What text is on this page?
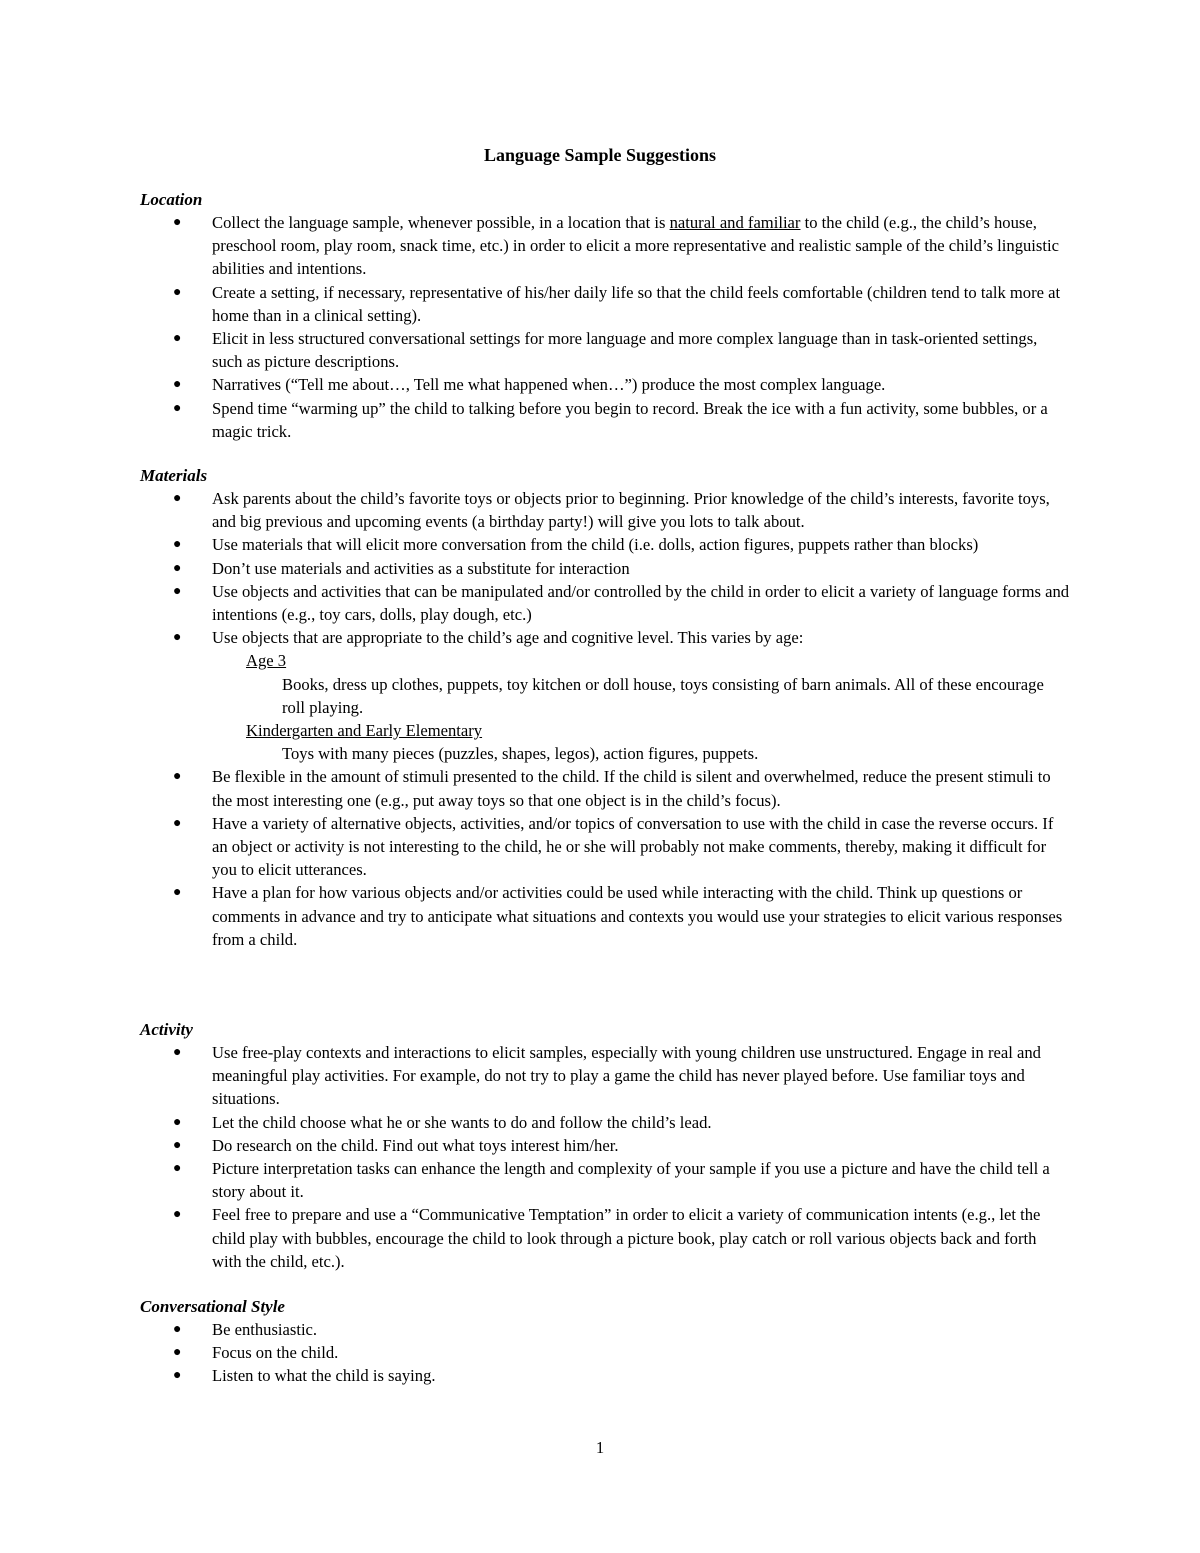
Language Sample Suggestions

Location

● Collect the language sample, whenever possible, in a location that is natural and familiar to the child (e.g., the child’s house, preschool room, play room, snack time, etc.) in order to elicit a more representative and realistic sample of the child’s linguistic abilities and intentions.
● Create a setting, if necessary, representative of his/her daily life so that the child feels comfortable (children tend to talk more at home than in a clinical setting).
● Elicit in less structured conversational settings for more language and more complex language than in task-oriented settings, such as picture descriptions.
● Narratives (“Tell me about…, Tell me what happened when…”) produce the most complex language.
● Spend time “warming up” the child to talking before you begin to record. Break the ice with a fun activity, some bubbles, or a magic trick.

Materials

● Ask parents about the child’s favorite toys or objects prior to beginning. Prior knowledge of the child’s interests, favorite toys, and big previous and upcoming events (a birthday party!) will give you lots to talk about.
● Use materials that will elicit more conversation from the child (i.e. dolls, action figures, puppets rather than blocks)
● Don’t use materials and activities as a substitute for interaction
● Use objects and activities that can be manipulated and/or controlled by the child in order to elicit a variety of language forms and intentions (e.g., toy cars, dolls, play dough, etc.)
● Use objects that are appropriate to the child’s age and cognitive level. This varies by age:
Age 3
Books, dress up clothes, puppets, toy kitchen or doll house, toys consisting of barn animals. All of these encourage roll playing.
Kindergarten and Early Elementary
Toys with many pieces (puzzles, shapes, legos), action figures, puppets.
● Be flexible in the amount of stimuli presented to the child. If the child is silent and overwhelmed, reduce the present stimuli to the most interesting one (e.g., put away toys so that one object is in the child’s focus).
● Have a variety of alternative objects, activities, and/or topics of conversation to use with the child in case the reverse occurs. If an object or activity is not interesting to the child, he or she will probably not make comments, thereby, making it difficult for you to elicit utterances.
● Have a plan for how various objects and/or activities could be used while interacting with the child. Think up questions or comments in advance and try to anticipate what situations and contexts you would use your strategies to elicit various responses from a child.

Activity

● Use free-play contexts and interactions to elicit samples, especially with young children use unstructured. Engage in real and meaningful play activities. For example, do not try to play a game the child has never played before. Use familiar toys and situations.
● Let the child choose what he or she wants to do and follow the child’s lead.
● Do research on the child. Find out what toys interest him/her.
● Picture interpretation tasks can enhance the length and complexity of your sample if you use a picture and have the child tell a story about it.
● Feel free to prepare and use a “Communicative Temptation” in order to elicit a variety of communication intents (e.g., let the child play with bubbles, encourage the child to look through a picture book, play catch or roll various objects back and forth with the child, etc.).

Conversational Style

● Be enthusiastic.
● Focus on the child.
● Listen to what the child is saying.
1
